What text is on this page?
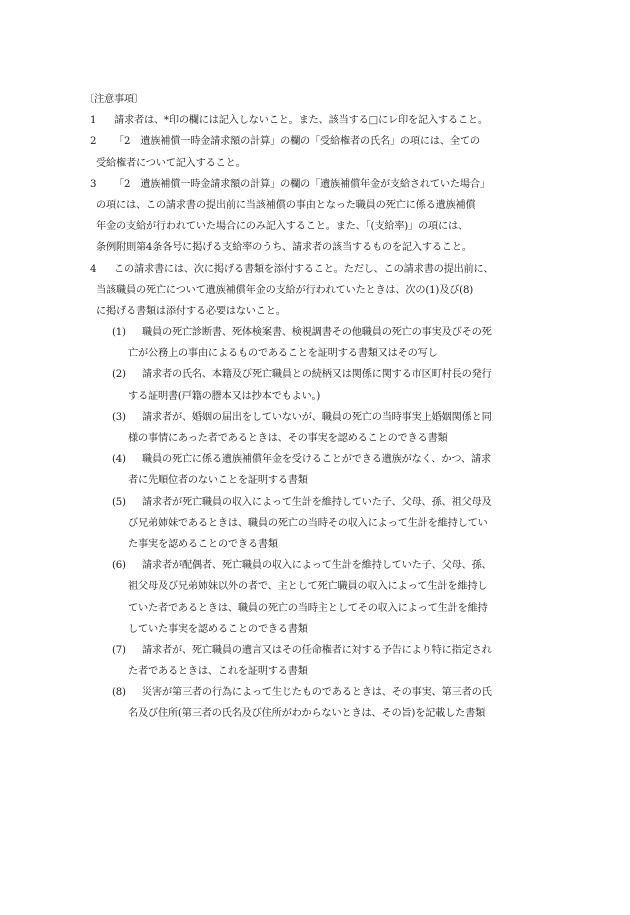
〔注意事項〕
1 請求者は、*印の欄には記入しないこと。また、該当する□にレ印を記入すること。
2 「2　遺族補償一時金請求額の計算」の欄の「受給権者の氏名」の項には、全ての
受給権者について記入すること。
3 「2　遺族補償一時金請求額の計算」の欄の「遺族補償年金が支給されていた場合」
の項には、この請求書の提出前に当該補償の事由となった職員の死亡に係る遺族補償
年金の支給が行われていた場合にのみ記入すること。また、「(支給率)」の項には、
条例附則第4条各号に掲げる支給率のうち、請求者の該当するものを記入すること。
4 この請求書には、次に掲げる書類を添付すること。ただし、この請求書の提出前に、
当該職員の死亡について遺族補償年金の支給が行われていたときは、次の(1)及び(8)
に掲げる書類は添付する必要はないこと。
(1) 職員の死亡診断書、死体検案書、検視調書その他職員の死亡の事実及びその死
亡が公務上の事由によるものであることを証明する書類又はその写し
(2) 請求者の氏名、本籍及び死亡職員との続柄又は関係に関する市区町村長の発行
する証明書(戸籍の謄本又は抄本でもよい。)
(3) 請求者が、婚姻の届出をしていないが、職員の死亡の当時事実上婚姻関係と同
様の事情にあった者であるときは、その事実を認めることのできる書類
(4) 職員の死亡に係る遺族補償年金を受けることができる遺族がなく、かつ、請求
者に先順位者のないことを証明する書類
(5) 請求者が死亡職員の収入によって生計を維持していた子、父母、孫、祖父母及
び兄弟姉妹であるときは、職員の死亡の当時その収入によって生計を維持してい
た事実を認めることのできる書類
(6) 請求者が配偶者、死亡職員の収入によって生計を維持していた子、父母、孫、
祖父母及び兄弟姉妹以外の者で、主として死亡職員の収入によって生計を維持し
ていた者であるときは、職員の死亡の当時主としてその収入によって生計を維持
していた事実を認めることのできる書類
(7) 請求者が、死亡職員の遺言又はその任命権者に対する予告により特に指定され
た者であるときは、これを証明する書類
(8) 災害が第三者の行為によって生じたものであるときは、その事実、第三者の氏
名及び住所(第三者の氏名及び住所がわからないときは、その旨)を記載した書類
